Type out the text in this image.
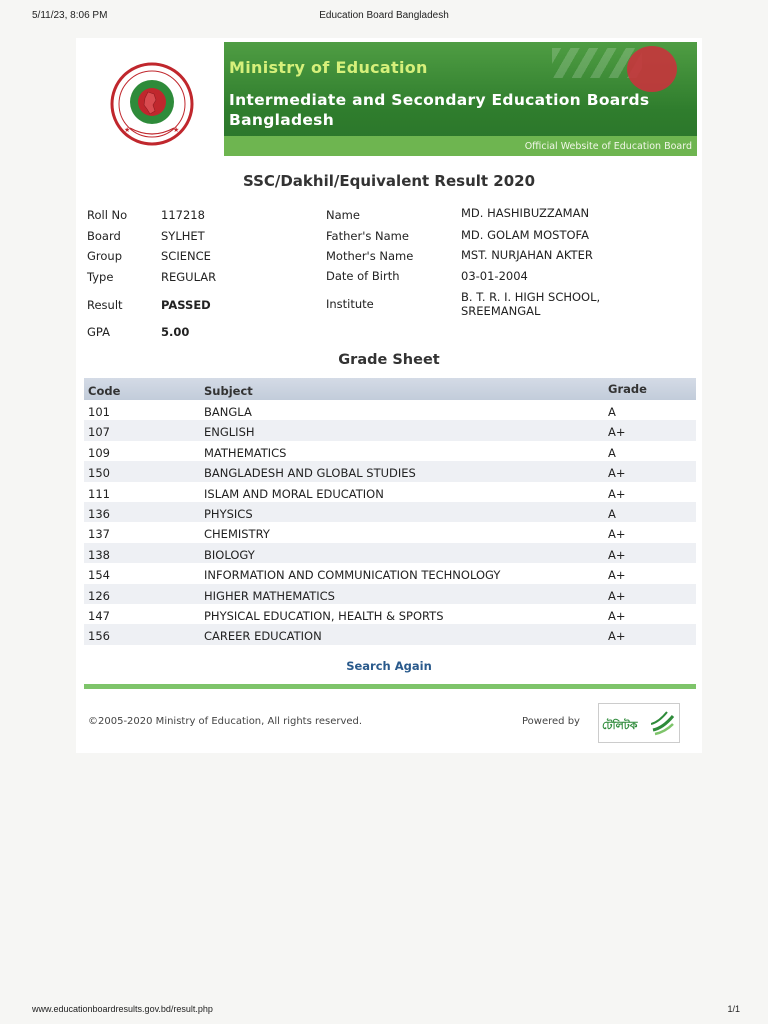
5/11/23, 8:06 PM	Education Board Bangladesh
★	★
Ministry of Education
Intermediate and Secondary Education Boards
Bangladesh
Official Website of Education Board
SSC/Dakhil/Equivalent Result 2020
Roll No	117218	Name	MD. HASHIBUZZAMAN
Board	SYLHET	Father's Name	MD. GOLAM MOSTOFA
Group	SCIENCE	Mother's Name	MST. NURJAHAN AKTER
Type	REGULAR	Date of Birth	03-01-2004
Result	PASSED	Institute	B. T. R. I. HIGH SCHOOL,
SREEMANGAL
GPA	5.00
Grade Sheet
Code	Subject	Grade
101	BANGLA	A
107	ENGLISH	A+
109	MATHEMATICS	A
150	BANGLADESH AND GLOBAL STUDIES	A+
111	ISLAM AND MORAL EDUCATION	A+
136	PHYSICS	A
137	CHEMISTRY	A+
138	BIOLOGY	A+
154	INFORMATION AND COMMUNICATION TECHNOLOGY	A+
126	HIGHER MATHEMATICS	A+
147	PHYSICAL EDUCATION, HEALTH & SPORTS	A+
156	CAREER EDUCATION	A+
Search Again
©2005-2020 Ministry of Education, All rights reserved.	Powered by টেলিটক
www.educationboardresults.gov.bd/result.php	1/1
